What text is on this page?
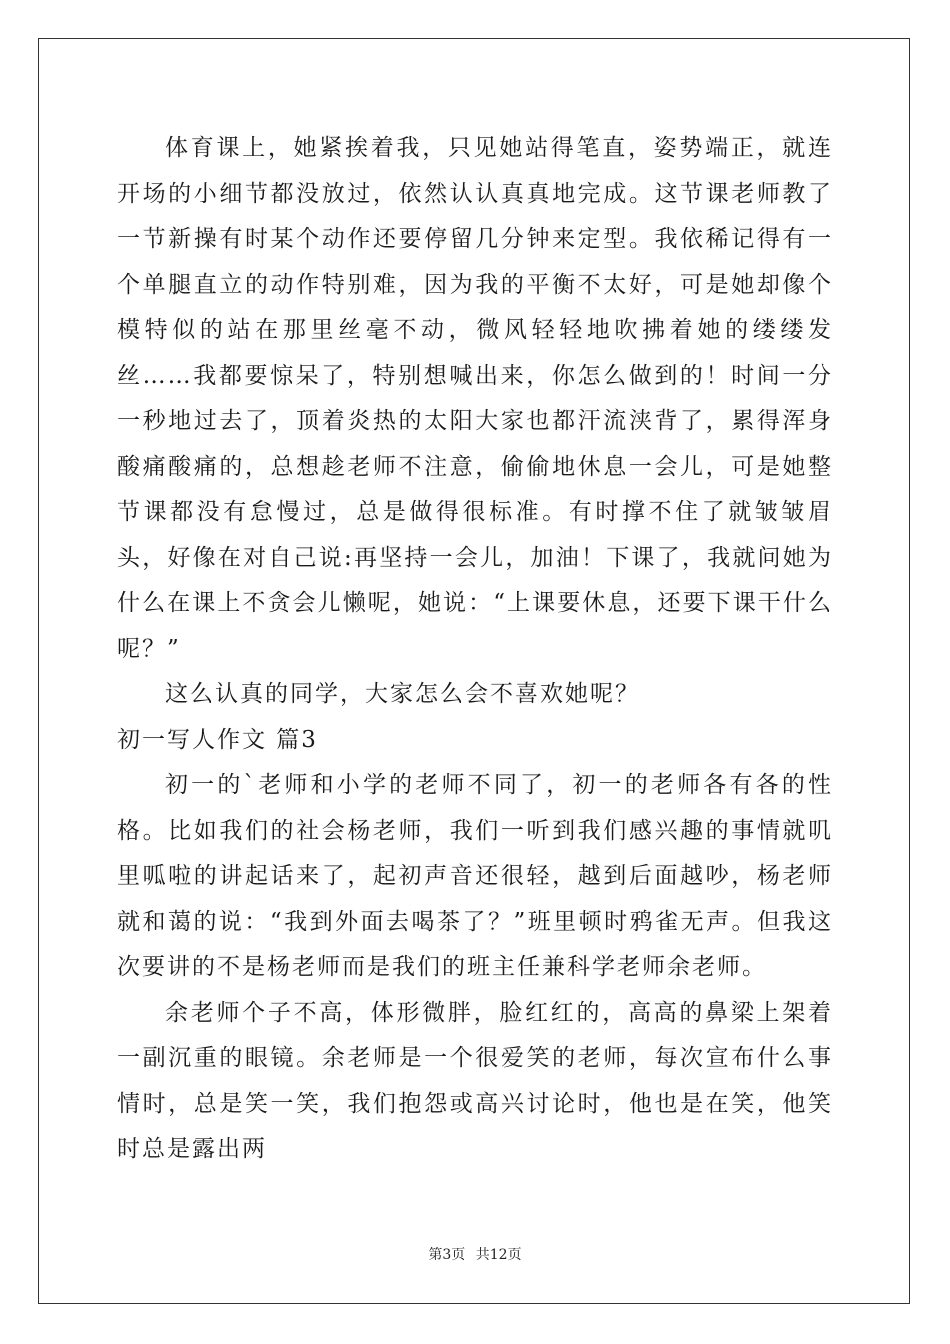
体育课上，她紧挨着我，只见她站得笔直，姿势端正，就连开场的小细节都没放过，依然认认真真地完成。这节课老师教了一节新操有时某个动作还要停留几分钟来定型。我依稀记得有一个单腿直立的动作特别难，因为我的平衡不太好，可是她却像个模特似的站在那里丝毫不动，微风轻轻地吹拂着她的缕缕发丝……我都要惊呆了，特别想喊出来，你怎么做到的！时间一分一秒地过去了，顶着炎热的太阳大家也都汗流浃背了，累得浑身酸痛酸痛的，总想趁老师不注意，偷偷地休息一会儿，可是她整节课都没有怠慢过，总是做得很标准。有时撑不住了就皱皱眉头，好像在对自己说:再坚持一会儿，加油！下课了，我就问她为什么在课上不贪会儿懒呢，她说：“上课要休息，还要下课干什么呢？”

这么认真的同学，大家怎么会不喜欢她呢？

初一写人作文 篇3

初一的`老师和小学的老师不同了，初一的老师各有各的性格。比如我们的社会杨老师，我们一听到我们感兴趣的事情就叽里呱啦的讲起话来了，起初声音还很轻，越到后面越吵，杨老师就和蔼的说：“我到外面去喝茶了？”班里顿时鸦雀无声。但我这次要讲的不是杨老师而是我们的班主任兼科学老师余老师。

余老师个子不高，体形微胖，脸红红的，高高的鼻梁上架着一副沉重的眼镜。余老师是一个很爱笑的老师，每次宣布什么事情时，总是笑一笑，我们抱怨或高兴讨论时，他也是在笑，他笑时总是露出两

第3页 共12页
